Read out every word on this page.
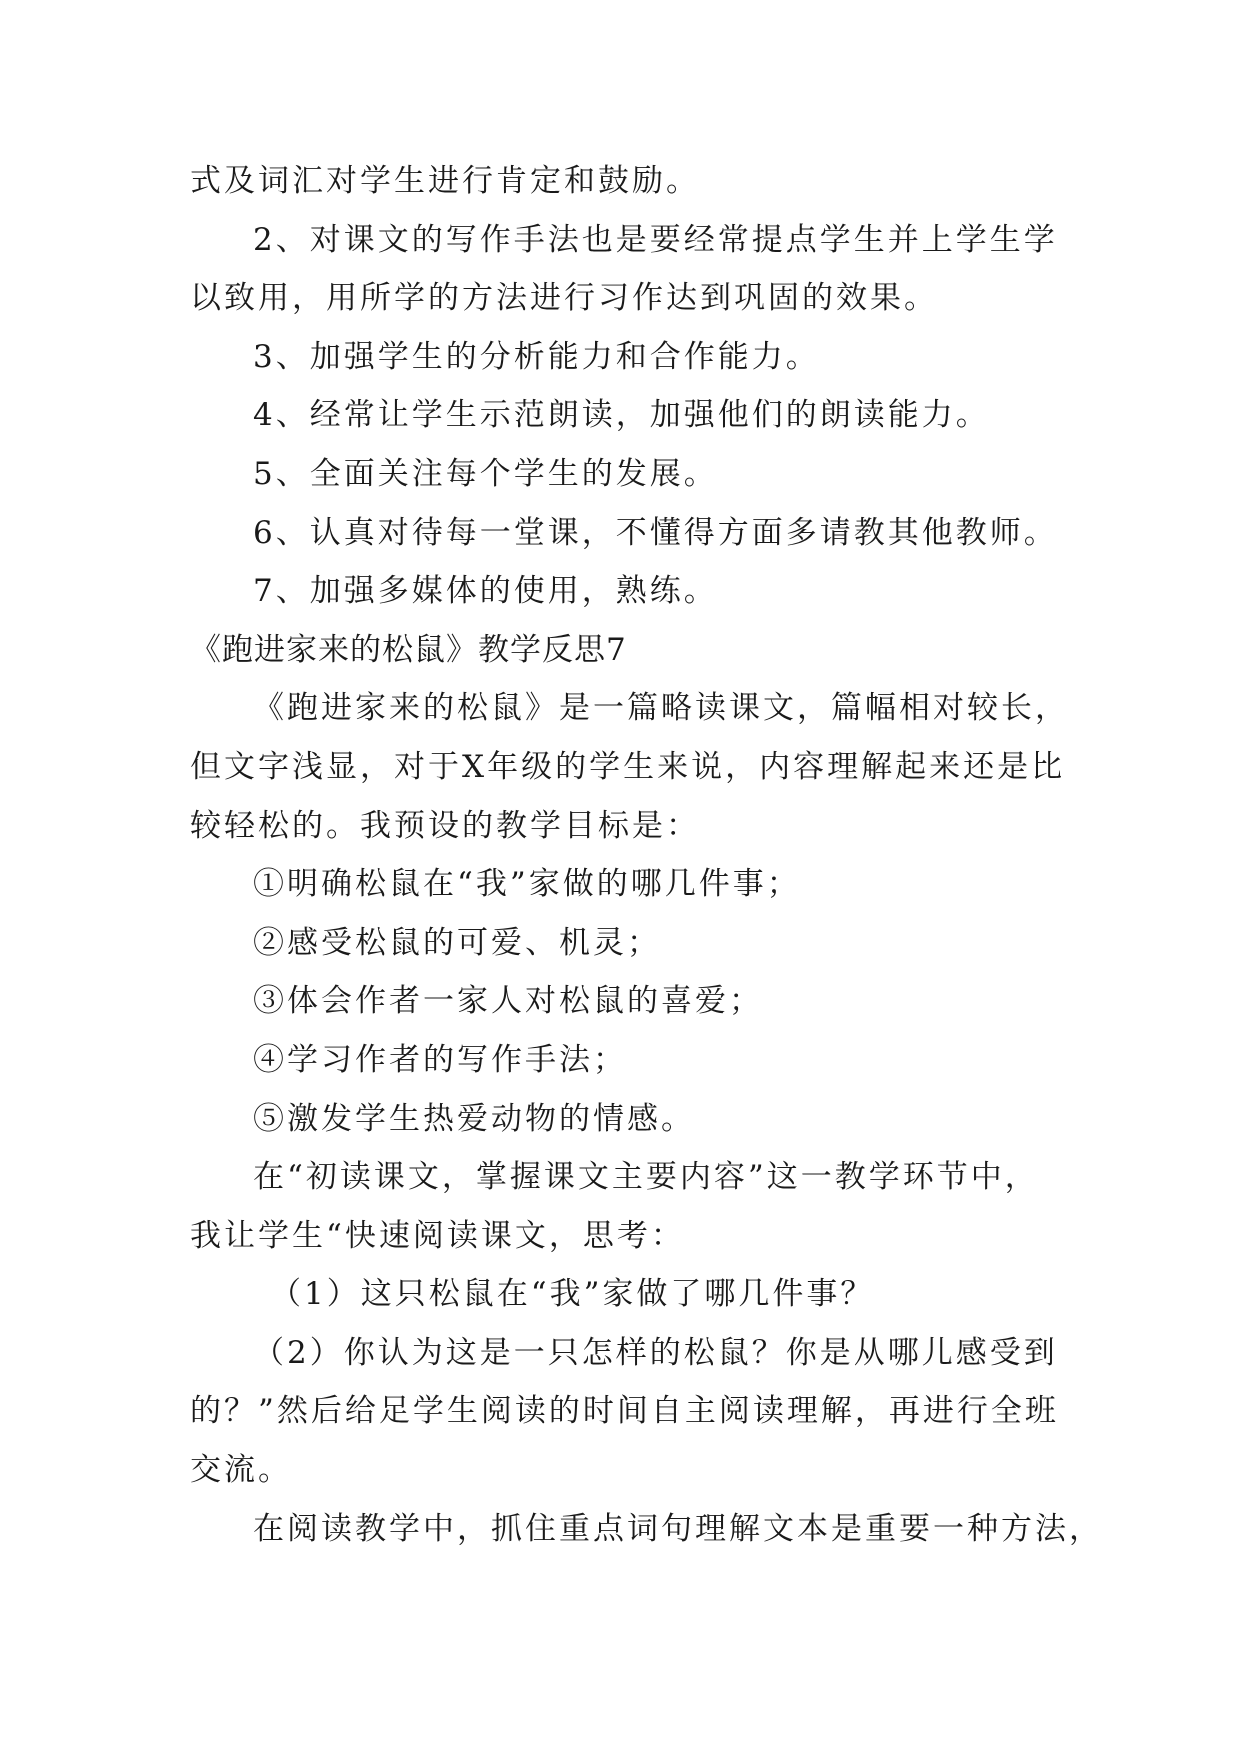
式及词汇对学生进行肯定和鼓励。
2、对课文的写作手法也是要经常提点学生并上学生学
以致用，用所学的方法进行习作达到巩固的效果。
3、加强学生的分析能力和合作能力。
4、经常让学生示范朗读，加强他们的朗读能力。
5、全面关注每个学生的发展。
6、认真对待每一堂课，不懂得方面多请教其他教师。
7、加强多媒体的使用，熟练。
《跑进家来的松鼠》教学反思7
《跑进家来的松鼠》是一篇略读课文，篇幅相对较长，
但文字浅显，对于X年级的学生来说，内容理解起来还是比
较轻松的。我预设的教学目标是：
①明确松鼠在“我”家做的哪几件事；
②感受松鼠的可爱、机灵；
③体会作者一家人对松鼠的喜爱；
④学习作者的写作手法；
⑤激发学生热爱动物的情感。
在“初读课文，掌握课文主要内容”这一教学环节中，
我让学生“快速阅读课文，思考：
（1）这只松鼠在“我”家做了哪几件事？
（2）你认为这是一只怎样的松鼠？你是从哪儿感受到
的？”然后给足学生阅读的时间自主阅读理解，再进行全班
交流。
在阅读教学中，抓住重点词句理解文本是重要一种方法，
